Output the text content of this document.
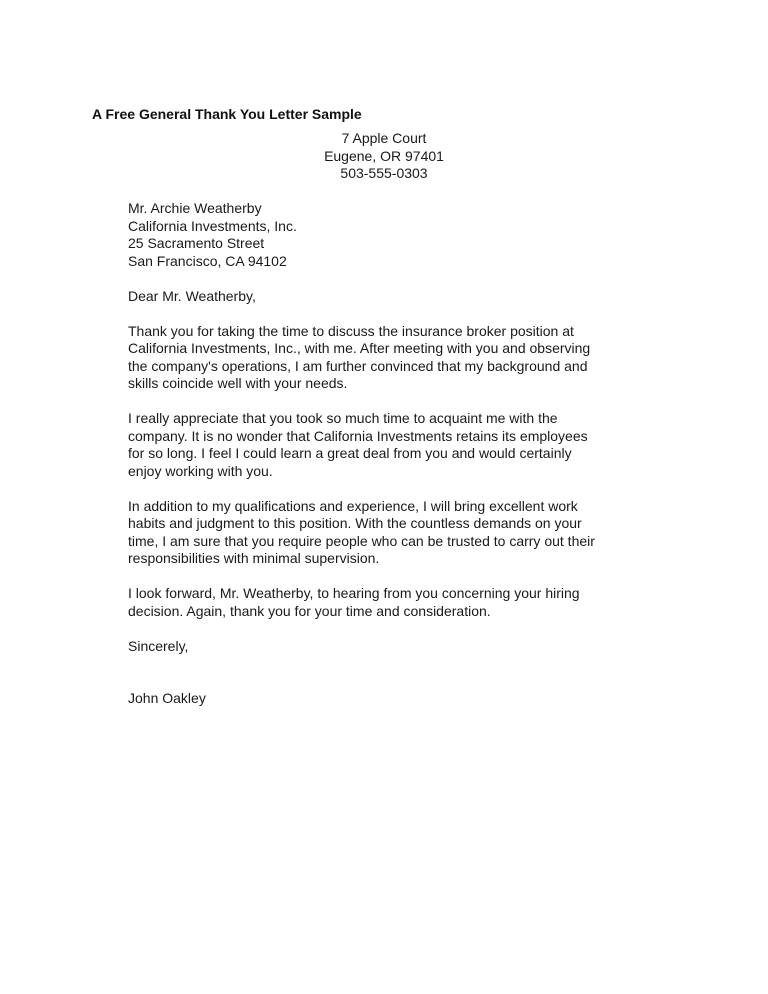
A Free General Thank You Letter Sample
7 Apple Court
Eugene, OR 97401
503-555-0303
Mr. Archie Weatherby
California Investments, Inc.
25 Sacramento Street
San Francisco, CA 94102
Dear Mr. Weatherby,
Thank you for taking the time to discuss the insurance broker position at
California Investments, Inc., with me. After meeting with you and observing
the company's operations, I am further convinced that my background and
skills coincide well with your needs.
I really appreciate that you took so much time to acquaint me with the
company. It is no wonder that California Investments retains its employees
for so long. I feel I could learn a great deal from you and would certainly
enjoy working with you.
In addition to my qualifications and experience, I will bring excellent work
habits and judgment to this position. With the countless demands on your
time, I am sure that you require people who can be trusted to carry out their
responsibilities with minimal supervision.
I look forward, Mr. Weatherby, to hearing from you concerning your hiring
decision. Again, thank you for your time and consideration.
Sincerely,
John Oakley
